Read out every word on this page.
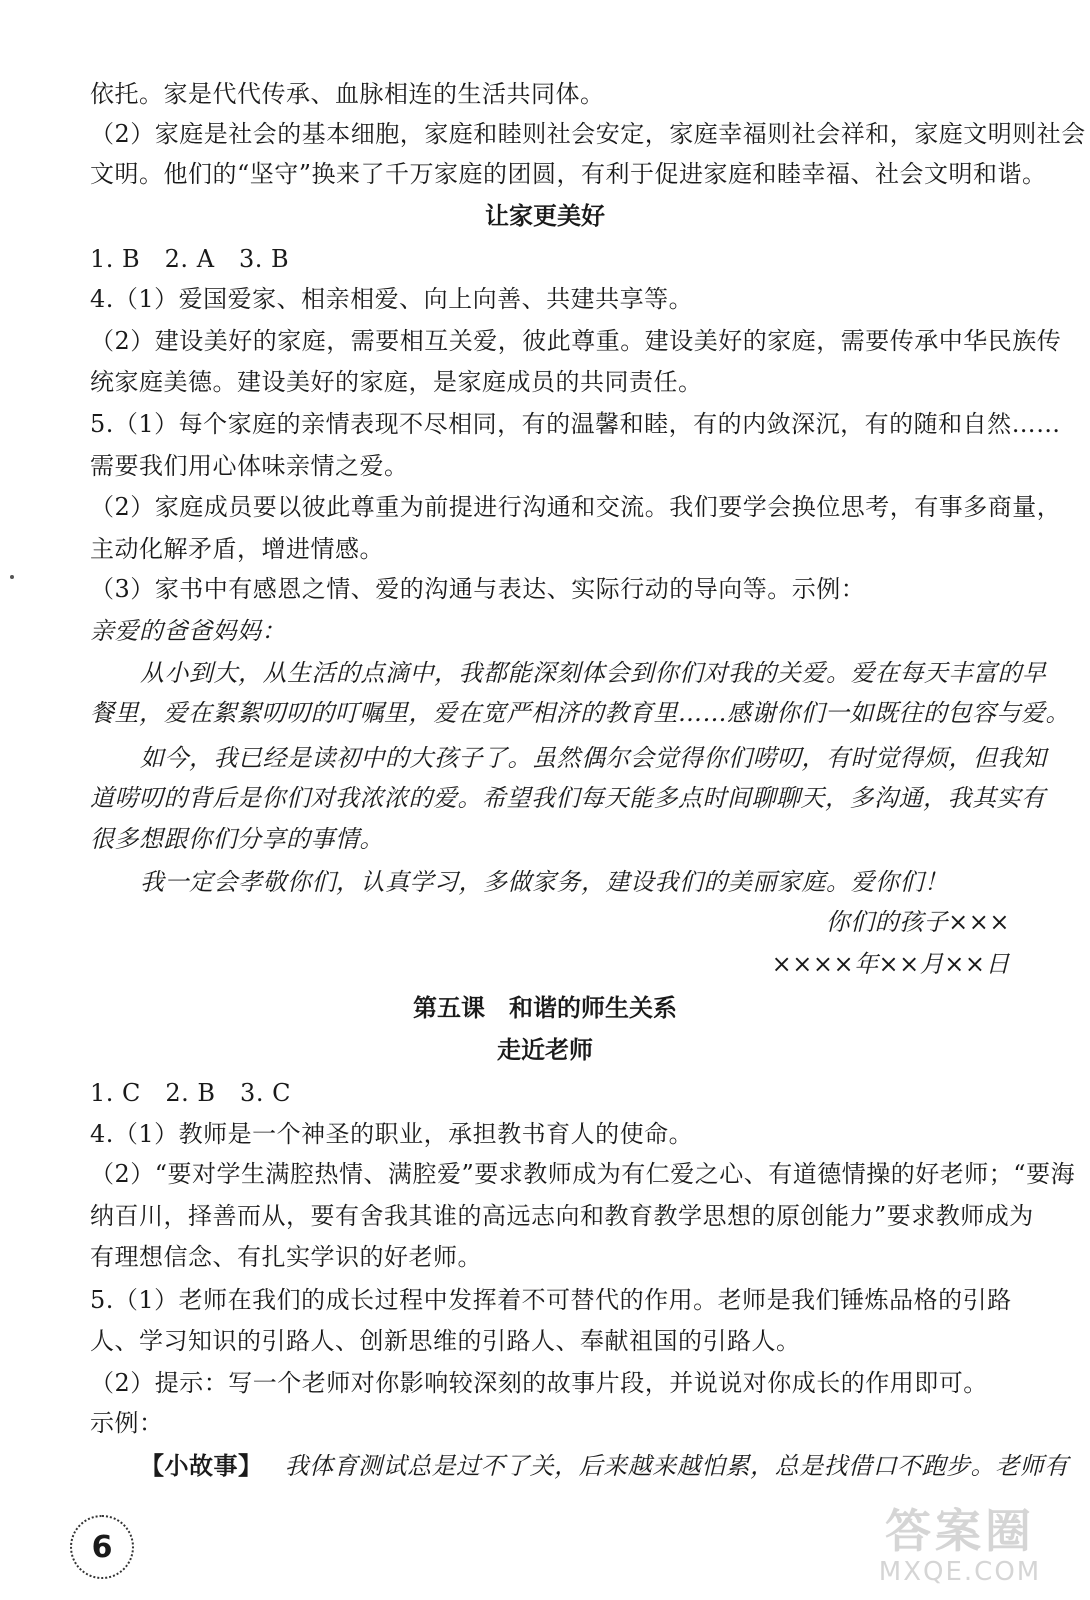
依托。家是代代传承、血脉相连的生活共同体。
（2）家庭是社会的基本细胞，家庭和睦则社会安定，家庭幸福则社会祥和，家庭文明则社会
文明。他们的“坚守”换来了千万家庭的团圆，有利于促进家庭和睦幸福、社会文明和谐。
让家更美好
1. B　2. A　3. B
4.（1）爱国爱家、相亲相爱、向上向善、共建共享等。
（2）建设美好的家庭，需要相互关爱，彼此尊重。建设美好的家庭，需要传承中华民族传
统家庭美德。建设美好的家庭，是家庭成员的共同责任。
5.（1）每个家庭的亲情表现不尽相同，有的温馨和睦，有的内敛深沉，有的随和自然……
需要我们用心体味亲情之爱。
（2）家庭成员要以彼此尊重为前提进行沟通和交流。我们要学会换位思考，有事多商量，
主动化解矛盾，增进情感。
（3）家书中有感恩之情、爱的沟通与表达、实际行动的导向等。示例：
亲爱的爸爸妈妈：
从小到大，从生活的点滴中，我都能深刻体会到你们对我的关爱。爱在每天丰富的早
餐里，爱在絮絮叨叨的叮嘱里，爱在宽严相济的教育里……感谢你们一如既往的包容与爱。
如今，我已经是读初中的大孩子了。虽然偶尔会觉得你们唠叨，有时觉得烦，但我知
道唠叨的背后是你们对我浓浓的爱。希望我们每天能多点时间聊聊天，多沟通，我其实有
很多想跟你们分享的事情。
我一定会孝敬你们，认真学习，多做家务，建设我们的美丽家庭。爱你们！
你们的孩子×××
××××年××月××日
第五课　和谐的师生关系
走近老师
1. C　2. B　3. C
4.（1）教师是一个神圣的职业，承担教书育人的使命。
（2）“要对学生满腔热情、满腔爱”要求教师成为有仁爱之心、有道德情操的好老师；“要海
纳百川，择善而从，要有舍我其谁的高远志向和教育教学思想的原创能力”要求教师成为
有理想信念、有扎实学识的好老师。
5.（1）老师在我们的成长过程中发挥着不可替代的作用。老师是我们锤炼品格的引路
人、学习知识的引路人、创新思维的引路人、奉献祖国的引路人。
（2）提示：写一个老师对你影响较深刻的故事片段，并说说对你成长的作用即可。
示例：
【小故事】 我体育测试总是过不了关，后来越来越怕累，总是找借口不跑步。老师有
6	答案圈
MXQE.COM
